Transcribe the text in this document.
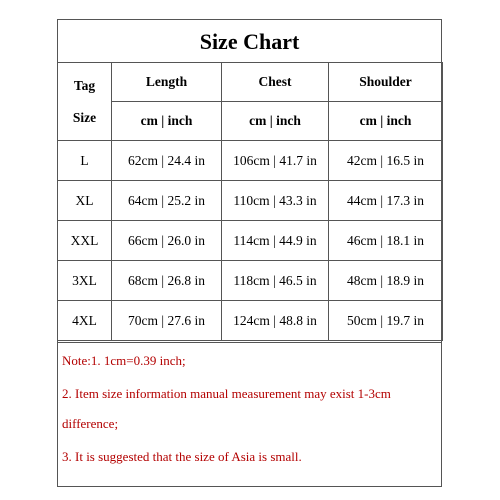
Size Chart
Tag
Size	Length	Chest	Shoulder
	cm | inch	cm | inch	cm | inch
L	62cm | 24.4 in	106cm | 41.7 in	42cm | 16.5 in
XL	64cm | 25.2 in	110cm | 43.3 in	44cm | 17.3 in
XXL	66cm | 26.0 in	114cm | 44.9 in	46cm | 18.1 in
3XL	68cm | 26.8 in	118cm | 46.5 in	48cm | 18.9 in
4XL	70cm | 27.6 in	124cm | 48.8 in	50cm | 19.7 in
Note:1. 1cm=0.39 inch;
2. Item size information manual measurement may exist 1-3cm
difference;
3. It is suggested that the size of Asia is small.
